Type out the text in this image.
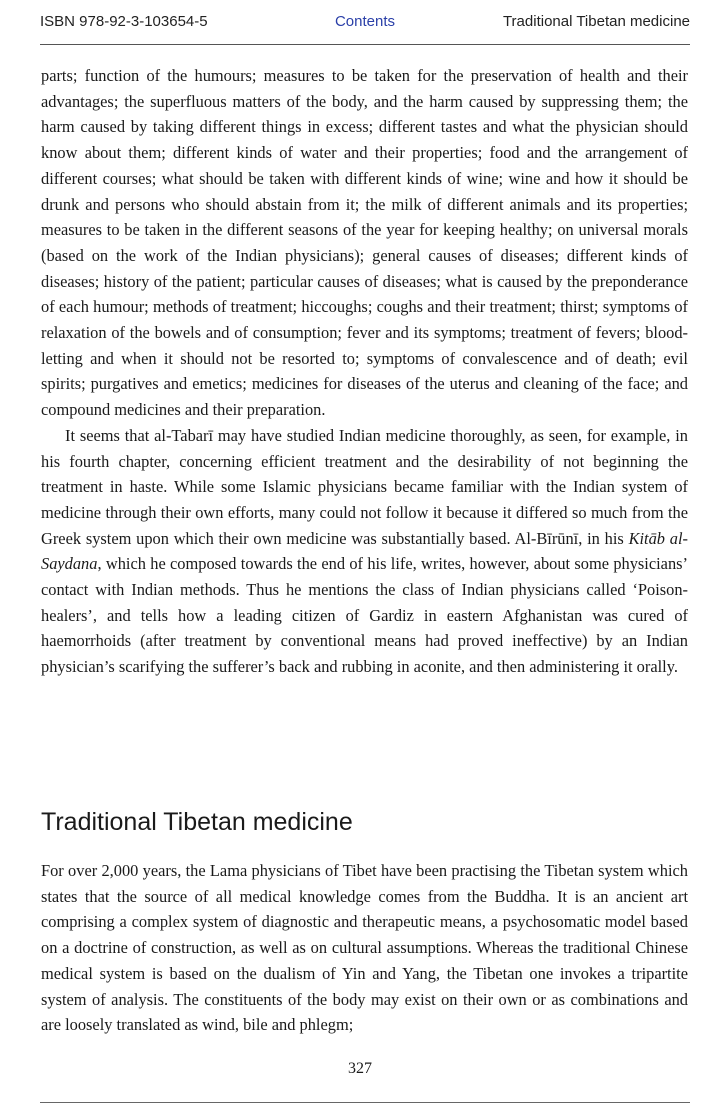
ISBN 978-92-3-103654-5	Contents	Traditional Tibetan medicine

parts; function of the humours; measures to be taken for the preservation of health and their advantages; the superfluous matters of the body, and the harm caused by suppressing them; the harm caused by taking different things in excess; different tastes and what the physician should know about them; different kinds of water and their properties; food and the arrangement of different courses; what should be taken with different kinds of wine; wine and how it should be drunk and persons who should abstain from it; the milk of different animals and its properties; measures to be taken in the different seasons of the year for keeping healthy; on universal morals (based on the work of the Indian physicians); general causes of diseases; different kinds of diseases; history of the patient; particular causes of diseases; what is caused by the preponderance of each humour; methods of treatment; hiccoughs; coughs and their treatment; thirst; symptoms of relaxation of the bowels and of consumption; fever and its symptoms; treatment of fevers; blood-letting and when it should not be resorted to; symptoms of convalescence and of death; evil spirits; purgatives and emetics; medicines for diseases of the uterus and cleaning of the face; and compound medicines and their preparation.

It seems that al-Tabarī may have studied Indian medicine thoroughly, as seen, for example, in his fourth chapter, concerning efficient treatment and the desirability of not beginning the treatment in haste. While some Islamic physicians became familiar with the Indian system of medicine through their own efforts, many could not follow it because it differed so much from the Greek system upon which their own medicine was substantially based. Al-Bīrūnī, in his Kitāb al-Saydana, which he composed towards the end of his life, writes, however, about some physicians’ contact with Indian methods. Thus he mentions the class of Indian physicians called ‘Poison-healers’, and tells how a leading citizen of Gardiz in eastern Afghanistan was cured of haemorrhoids (after treatment by conventional means had proved ineffective) by an Indian physician’s scarifying the sufferer’s back and rubbing in aconite, and then administering it orally.

Traditional Tibetan medicine

For over 2,000 years, the Lama physicians of Tibet have been practising the Tibetan system which states that the source of all medical knowledge comes from the Buddha. It is an ancient art comprising a complex system of diagnostic and therapeutic means, a psychosomatic model based on a doctrine of construction, as well as on cultural assumptions. Whereas the traditional Chinese medical system is based on the dualism of Yin and Yang, the Tibetan one invokes a tripartite system of analysis. The constituents of the body may exist on their own or as combinations and are loosely translated as wind, bile and phlegm;

327
